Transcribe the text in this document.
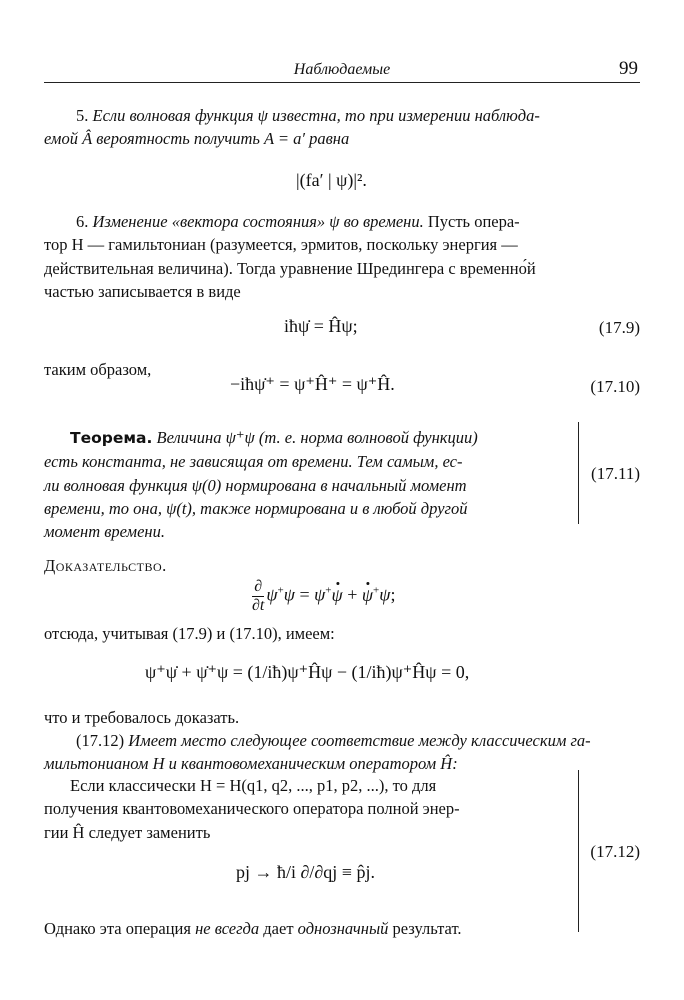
Наблюдаемые	99
5. Если волновая функция ψ известна, то при измерении наблюда-
емой Â вероятность получить A = a′ равна
|(fa′ | ψ)|².
6. Изменение «вектора состояния» ψ во времени. Пусть опера-
тор H — гамильтониан (разумеется, эрмитов, поскольку энергия —
действительная величина). Тогда уравнение Шредингера с временно́й
частью записывается в виде
iħψ̇ = Ĥψ;	(17.9)
таким образом,
−iħψ̇⁺ = ψ⁺Ĥ⁺ = ψ⁺Ĥ.	(17.10)
Теорема. Величина ψ⁺ψ (т. е. норма волновой функции)
есть константа, не зависящая от времени. Тем самым, ес-
ли волновая функция ψ(0) нормирована в начальный момент
времени, то она, ψ(t), также нормирована и в любой другой
момент времени.
(17.11)
Доказательство.
$\frac{\partial}{\partial t} \psi^+\psi = \psi^+\psi + \psi^+\psi$;
отсюда, учитывая (17.9) и (17.10), имеем:
ψ⁺ψ̇ + ψ̇⁺ψ = (1/iħ)ψ⁺Ĥψ − (1/iħ)ψ⁺Ĥψ = 0,
что и требовалось доказать.
(17.12) Имеет место следующее соответствие между классическим га-
мильтонианом H и квантовомеханическим оператором Ĥ:
Если классически H = H(q1, q2, ..., p1, p2, ...), то для
получения квантовомеханического оператора полной энер-
гии Ĥ следует заменить
pj → ħ/i ∂/∂qj ≡ p̂j.
(17.12)
Однако эта операция не всегда дает однозначный результат.
